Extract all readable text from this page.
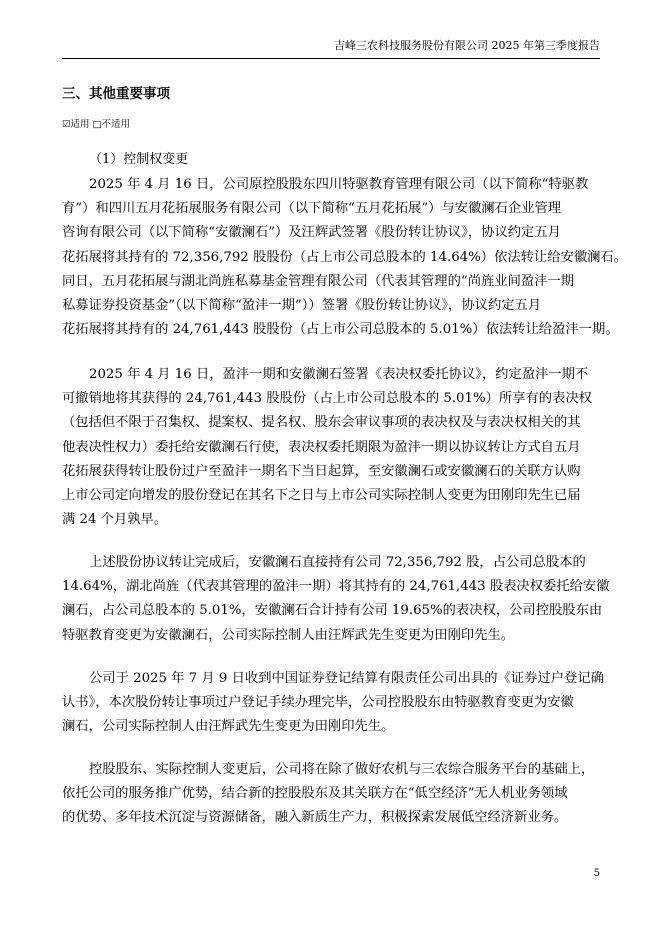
吉峰三农科技服务股份有限公司 2025 年第三季度报告
三、其他重要事项
☑适用 □不适用
（1）控制权变更
2025 年 4 月 16 日，公司原控股股东四川特驱教育管理有限公司（以下简称“特驱教
育”）和四川五月花拓展服务有限公司（以下简称“五月花拓展”）与安徽澜石企业管理
咨询有限公司（以下简称“安徽澜石”）及汪辉武签署《股份转让协议》，协议约定五月
花拓展将其持有的 72,356,792 股股份（占上市公司总股本的 14.64%）依法转让给安徽澜石。
同日，五月花拓展与湖北尚旌私募基金管理有限公司（代表其管理的“尚旌业间盈沣一期
私募证券投资基金”（以下简称“盈沣一期”））签署《股份转让协议》，协议约定五月
花拓展将其持有的 24,761,443 股股份（占上市公司总股本的 5.01%）依法转让给盈沣一期。
2025 年 4 月 16 日，盈沣一期和安徽澜石签署《表决权委托协议》，约定盈沣一期不
可撤销地将其获得的 24,761,443 股股份（占上市公司总股本的 5.01%）所享有的表决权
（包括但不限于召集权、提案权、提名权、股东会审议事项的表决权及与表决权相关的其
他表决性权力）委托给安徽澜石行使，表决权委托期限为盈沣一期以协议转让方式自五月
花拓展获得转让股份过户至盈沣一期名下当日起算，至安徽澜石或安徽澜石的关联方认购
上市公司定向增发的股份登记在其名下之日与上市公司实际控制人变更为田刚印先生已届
满 24 个月孰早。
上述股份协议转让完成后，安徽澜石直接持有公司 72,356,792 股，占公司总股本的
14.64%，湖北尚旌（代表其管理的盈沣一期）将其持有的 24,761,443 股表决权委托给安徽
澜石，占公司总股本的 5.01%，安徽澜石合计持有公司 19.65%的表决权，公司控股股东由
特驱教育变更为安徽澜石，公司实际控制人由汪辉武先生变更为田刚印先生。
公司于 2025 年 7 月 9 日收到中国证券登记结算有限责任公司出具的《证券过户登记确
认书》，本次股份转让事项过户登记手续办理完毕，公司控股股东由特驱教育变更为安徽
澜石，公司实际控制人由汪辉武先生变更为田刚印先生。
控股股东、实际控制人变更后，公司将在除了做好农机与三农综合服务平台的基础上，
依托公司的服务推广优势，结合新的控股股东及其关联方在“低空经济”无人机业务领域
的优势、多年技术沉淀与资源储备，融入新质生产力，积极探索发展低空经济新业务。
5
